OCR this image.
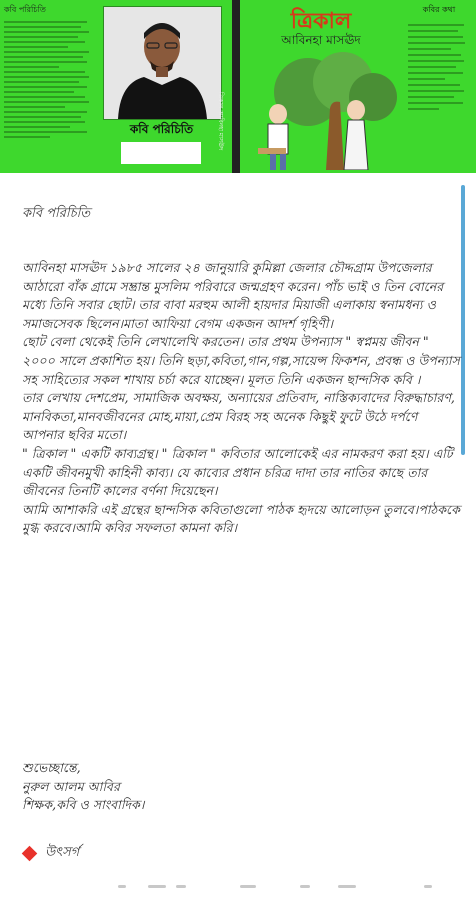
কবি পরিচিতি
কবি পরিচিতি	ত্রিকাল আবিনহা মাসঊদ
ত্রিকাল
আবিনহা মাসঊদ
কবির কথা
কবি পরিচিতি

আবিনহা মাসঊদ ১৯৮৫ সালের ২৪ জানুয়ারি কুমিল্লা জেলার চৌদ্দগ্রাম উপজেলার আঠারো বাঁক গ্রামে সম্ভ্রান্ত মুসলিম পরিবারে জন্মগ্রহণ করেন। পাঁচ ভাই ও তিন বোনের মধ্যে তিনি সবার ছোট। তার বাবা মরহুম আলী হায়দার মিয়াজী এলাকায় স্বনামধন্য ও সমাজসেবক ছিলেন।মাতা আফিয়া বেগম একজন আদর্শ গৃহিণী।

ছোট বেলা থেকেই তিনি লেখালেখি করতেন। তার প্রথম উপন্যাস " স্বপ্নময় জীবন " ২০০০ সালে প্রকাশিত হয়। তিনি ছড়া,কবিতা,গান,গল্প,সায়েন্স ফিকশন, প্রবন্ধ ও উপন্যাস সহ সাহিত্যের সকল শাখায় চর্চা করে যাচ্ছেন। মূলত তিনি একজন ছান্দসিক কবি ।

তার লেখায় দেশপ্রেম, সামাজিক অবক্ষয়, অন্যায়ের প্রতিবাদ, নাস্তিক্যবাদের বিরুদ্ধাচারণ, মানবিকতা,মানবজীবনের মোহ,মায়া,প্রেম বিরহ সহ অনেক কিছুই ফুটে উঠে দর্পণে আপনার ছবির মতো।

" ত্রিকাল " একটি কাব্যগ্রন্থ। " ত্রিকাল " কবিতার আলোকেই এর নামকরণ করা হয়। এটি একটি জীবনমুখী কাহিনী কাব্য। যে কাব্যের প্রধান চরিত্র দাদা তার নাতির কাছে তার জীবনের তিনটি কালের বর্ণনা দিয়েছেন।

আমি আশাকরি এই গ্রন্থের ছান্দসিক কবিতাগুলো পাঠক হৃদয়ে আলোড়ন তুলবে।পাঠককে মুগ্ধ করবে।আমি কবির সফলতা কামনা করি।

শুভেচ্ছান্তে,

নুরুল আলম আবির

শিক্ষক,কবি ও সাংবাদিক।

উৎসর্গ
